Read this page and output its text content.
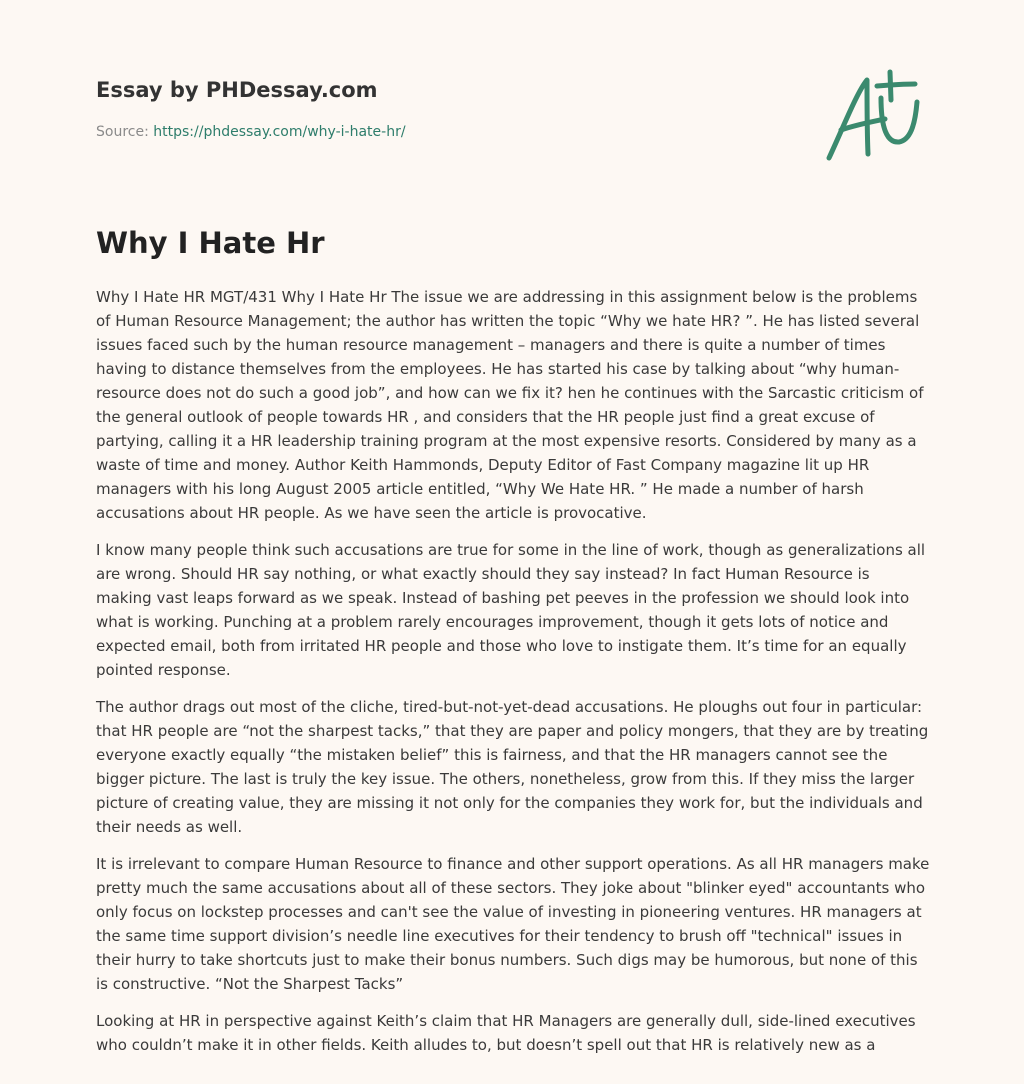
Essay by PHDessay.com
Source: https://phdessay.com/why-i-hate-hr/
Why I Hate Hr

Why I Hate HR MGT/431 Why I Hate Hr The issue we are addressing in this assignment below is the problems of Human Resource Management; the author has written the topic “Why we hate HR? ”. He has listed several issues faced such by the human resource management – managers and there is quite a number of times having to distance themselves from the employees. He has started his case by talking about “why human-resource does not do such a good job”, and how can we fix it? hen he continues with the Sarcastic criticism of the general outlook of people towards HR , and considers that the HR people just find a great excuse of partying, calling it a HR leadership training program at the most expensive resorts. Considered by many as a waste of time and money. Author Keith Hammonds, Deputy Editor of Fast Company magazine lit up HR managers with his long August 2005 article entitled, “Why We Hate HR. ” He made a number of harsh accusations about HR people. As we have seen the article is provocative.

I know many people think such accusations are true for some in the line of work, though as generalizations all are wrong. Should HR say nothing, or what exactly should they say instead? In fact Human Resource is making vast leaps forward as we speak. Instead of bashing pet peeves in the profession we should look into what is working. Punching at a problem rarely encourages improvement, though it gets lots of notice and expected email, both from irritated HR people and those who love to instigate them. It’s time for an equally pointed response.

The author drags out most of the cliche, tired-but-not-yet-dead accusations. He ploughs out four in particular: that HR people are “not the sharpest tacks,” that they are paper and policy mongers, that they are by treating everyone exactly equally “the mistaken belief” this is fairness, and that the HR managers cannot see the bigger picture. The last is truly the key issue. The others, nonetheless, grow from this. If they miss the larger picture of creating value, they are missing it not only for the companies they work for, but the individuals and their needs as well.

It is irrelevant to compare Human Resource to finance and other support operations. As all HR managers make pretty much the same accusations about all of these sectors. They joke about "blinker eyed" accountants who only focus on lockstep processes and can't see the value of investing in pioneering ventures. HR managers at the same time support division’s needle line executives for their tendency to brush off "technical" issues in their hurry to take shortcuts just to make their bonus numbers. Such digs may be humorous, but none of this is constructive. “Not the Sharpest Tacks”

Looking at HR in perspective against Keith’s claim that HR Managers are generally dull, side-lined executives who couldn’t make it in other fields. Keith alludes to, but doesn’t spell out that HR is relatively new as a
